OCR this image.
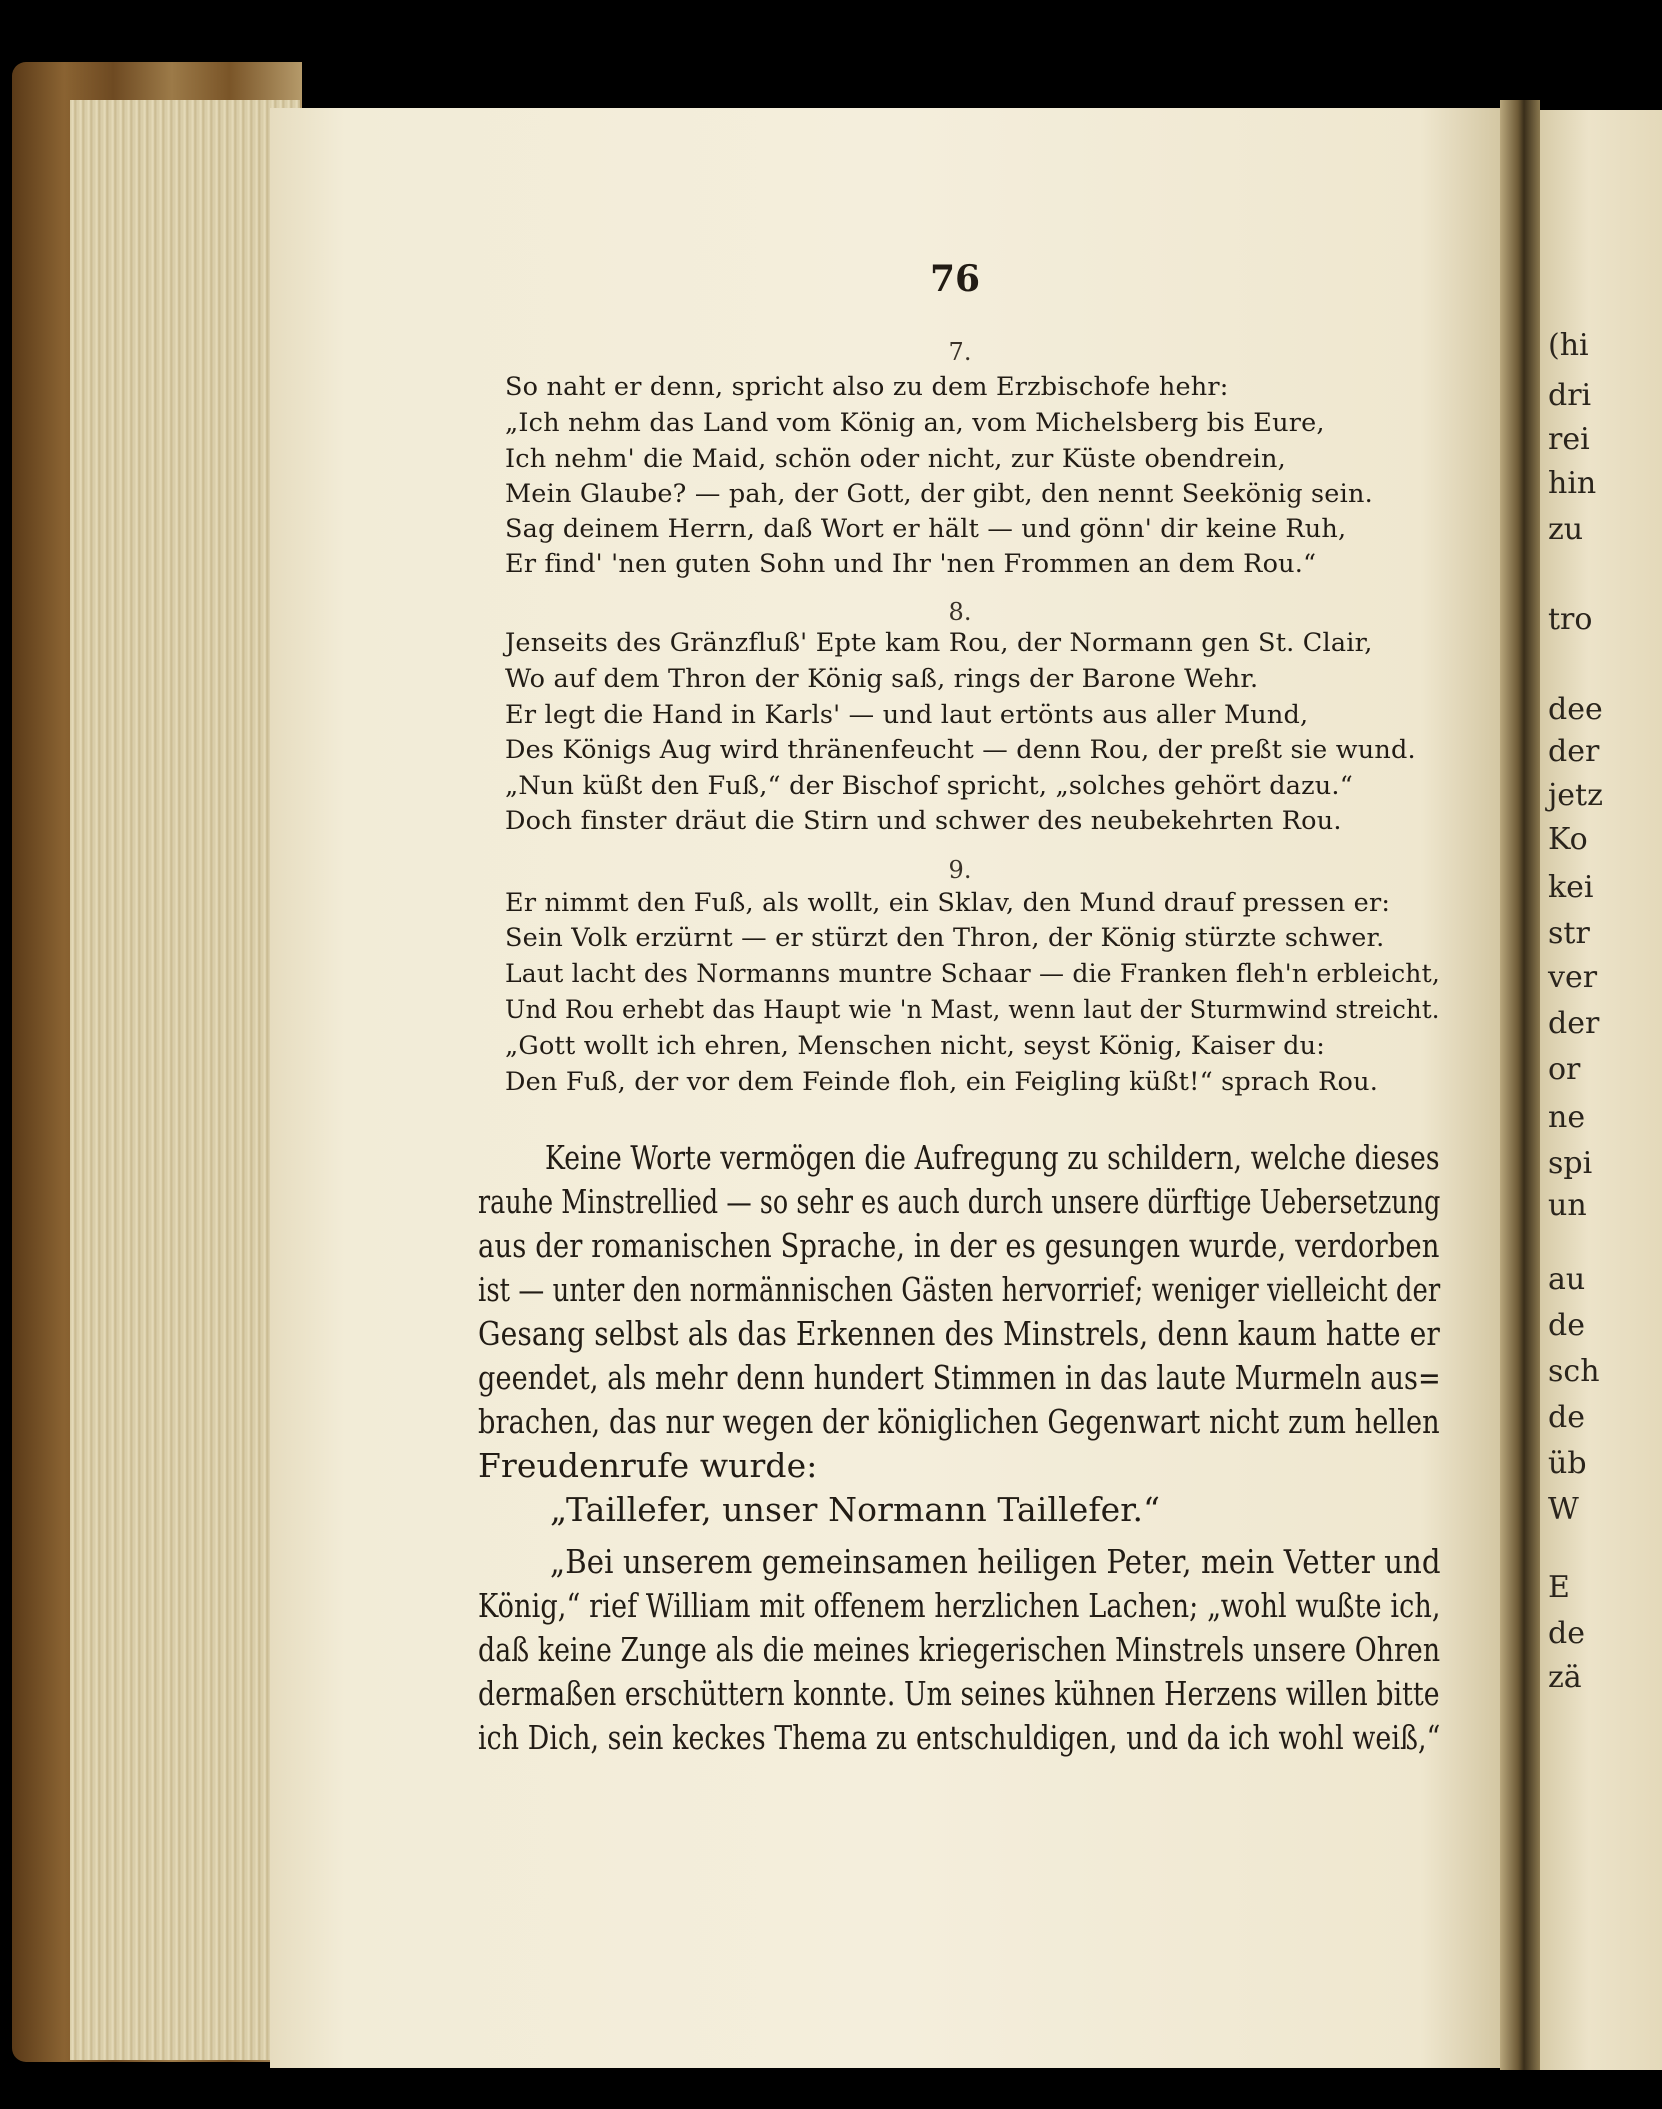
(hi
dri
rei
hin
zu
tro
dee
der
jetz
Ko
kei
str
ver
der
or
ne
spi
un
au
de
sch
de
üb
W
E
de
zä
76
7.
So naht er denn, spricht also zu dem Erzbischofe hehr:
„Ich nehm das Land vom König an, vom Michelsberg bis Eure,
Ich nehm' die Maid, schön oder nicht, zur Küste obendrein,
Mein Glaube? — pah, der Gott, der gibt, den nennt Seekönig sein.
Sag deinem Herrn, daß Wort er hält — und gönn' dir keine Ruh,
Er find' 'nen guten Sohn und Ihr 'nen Frommen an dem Rou.“
8.
Jenseits des Gränzfluß' Epte kam Rou, der Normann gen St. Clair,
Wo auf dem Thron der König saß, rings der Barone Wehr.
Er legt die Hand in Karls' — und laut ertönts aus aller Mund,
Des Königs Aug wird thränenfeucht — denn Rou, der preßt sie wund.
„Nun küßt den Fuß,“ der Bischof spricht, „solches gehört dazu.“
Doch finster dräut die Stirn und schwer des neubekehrten Rou.
9.
Er nimmt den Fuß, als wollt, ein Sklav, den Mund drauf pressen er:
Sein Volk erzürnt — er stürzt den Thron, der König stürzte schwer.
Laut lacht des Normanns muntre Schaar — die Franken fleh'n erbleicht,
Und Rou erhebt das Haupt wie 'n Mast, wenn laut der Sturmwind streicht.
„Gott wollt ich ehren, Menschen nicht, seyst König, Kaiser du:
Den Fuß, der vor dem Feinde floh, ein Feigling küßt!“ sprach Rou.
Keine Worte vermögen die Aufregung zu schildern, welche dieses
rauhe Minstrellied — so sehr es auch durch unsere dürftige Uebersetzung
aus der romanischen Sprache, in der es gesungen wurde, verdorben
ist — unter den normännischen Gästen hervorrief; weniger vielleicht der
Gesang selbst als das Erkennen des Minstrels, denn kaum hatte er
geendet, als mehr denn hundert Stimmen in das laute Murmeln aus=
brachen, das nur wegen der königlichen Gegenwart nicht zum hellen
Freudenrufe wurde:
„Taillefer, unser Normann Taillefer.“
„Bei unserem gemeinsamen heiligen Peter, mein Vetter und
König,“ rief William mit offenem herzlichen Lachen; „wohl wußte ich,
daß keine Zunge als die meines kriegerischen Minstrels unsere Ohren
dermaßen erschüttern konnte. Um seines kühnen Herzens willen bitte
ich Dich, sein keckes Thema zu entschuldigen, und da ich wohl weiß,“
